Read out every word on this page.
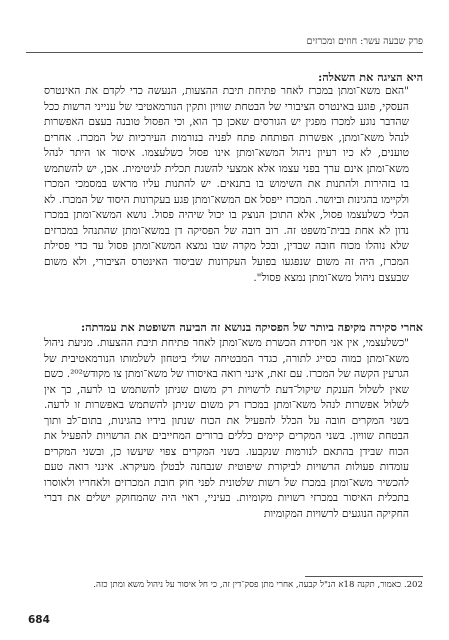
פרק שבעה עשר: חוזים ומכרזים
היא הציגה את השאלה:
"האם משא־ומתן במכרז לאחר פתיחת תיבת ההצעות, הנעשה כדי לקדם את האינטרס העסקי, פוגע באינטרס הציבורי של הבטחת שוויון ותקין הנורמאטיבי של ענייני הרשות ככל שהדבר נוגע למכרז מפגין יש הגורסים שאכן כך הוא, וכי הפסול טובנה בעצם האפשרות לנהל משא־ומתן, אפשרות הפותחת פתח לפניה בנורמות העירכיות של המכרז. אחרים טוענים, לא כיו רעיון ניהול המשא־ומתן אינו פסול כשלעצמו. איסור או היתר לנהל משא־ומתן אינם ערך בפני עצמו אלא אמצעי להשגת תכלית לגיטימית. אכן, יש להשתמש בו בזהירות ולהתנות את השימוש בו בתנאים. יש להתנות עליו מראש במסמכי המכרז ולקיימו בהגינות וביושר. המכרז ייפסל אם המשא־ומתן פגע בעקרונות היסוד של המכרז. לא הכלי כשלעצמו פסול, אלא התוכן הנוצק בו יכול שיהיה פסול. נושא המשא־ומתן במכרז נדון לא אחת בבית־משפט זה. רוב רובה של הפסיקה דן במשא־ומתן שהתנהל במכרזים שלא נוהלו מכוח חובה שבדין, ובכל מקרה שבו נמצא המשא־ומתן פסול עד כדי פסילת המכרז, היה זה משום שנפגעו בפועל העקרונות שביסוד האינטרס הציבורי, ולא משום שבעצם ניהול משא־ומתן נמצא פסול".
אחרי סקירה מקיפה ביותר של הפסיקה בנושא זה הביעה השופטת את עמדתה:
"כשלעצמי, אין אני חסידת הכשרת משא־ומתן לאחר פתיחת תיבת ההצעות. מניעת ניהול משא־ומתן כמוה כסייג לתורה, כגדר המבטיחה שולי ביטחון לשלמותו הנורמאטיבית של הגרעין הקשה של המכרז. עם זאת, אינני רואה באיסורו של משא־ומתן צו מקודש²⁰². כשם שאין לשלול הענקת שיקול־דעת לרשויות רק משום שניתן להשתמש בו לרעה, כך אין לשלול אפשרות לנהל משא־ומתן במכרז רק משום שניתן להשתמש באפשרות זו לרעה. בשני המקרים חובה על הכלל להפעיל את הכוח שנתון בידיו בהגינות, בתום־לב ותוך הבטחת שוויון. בשני המקרים קיימים כללים ברורים המחייבים את הרשויות להפעיל את הכוח שבידן בהתאם לנורמות שנקבעו. בשני המקרים צפוי שיעשו כן, ובשני המקרים עומדות פעולות הרשויות לביקורת שיפוטית שנבחנה לבטלן מעיקרא. אינני רואה טעם להכשיר משא־ומתן במכרז של רשות שלטונית לפני חוק חובת המכרזים ולאחריו ולאוסרו בתכלית האיסור במכרזי רשויות מקומיות. בעיניי, ראוי היה שהמחוקק ישלים את דברי החקיקה הנוגעים לרשויות המקומיות
202. כאמור, תקנה 18א הנ"ל קבעה, אחרי מתן פסק־דין זה, כי חל איסור על ניהול משא ומתן כזה.
684
